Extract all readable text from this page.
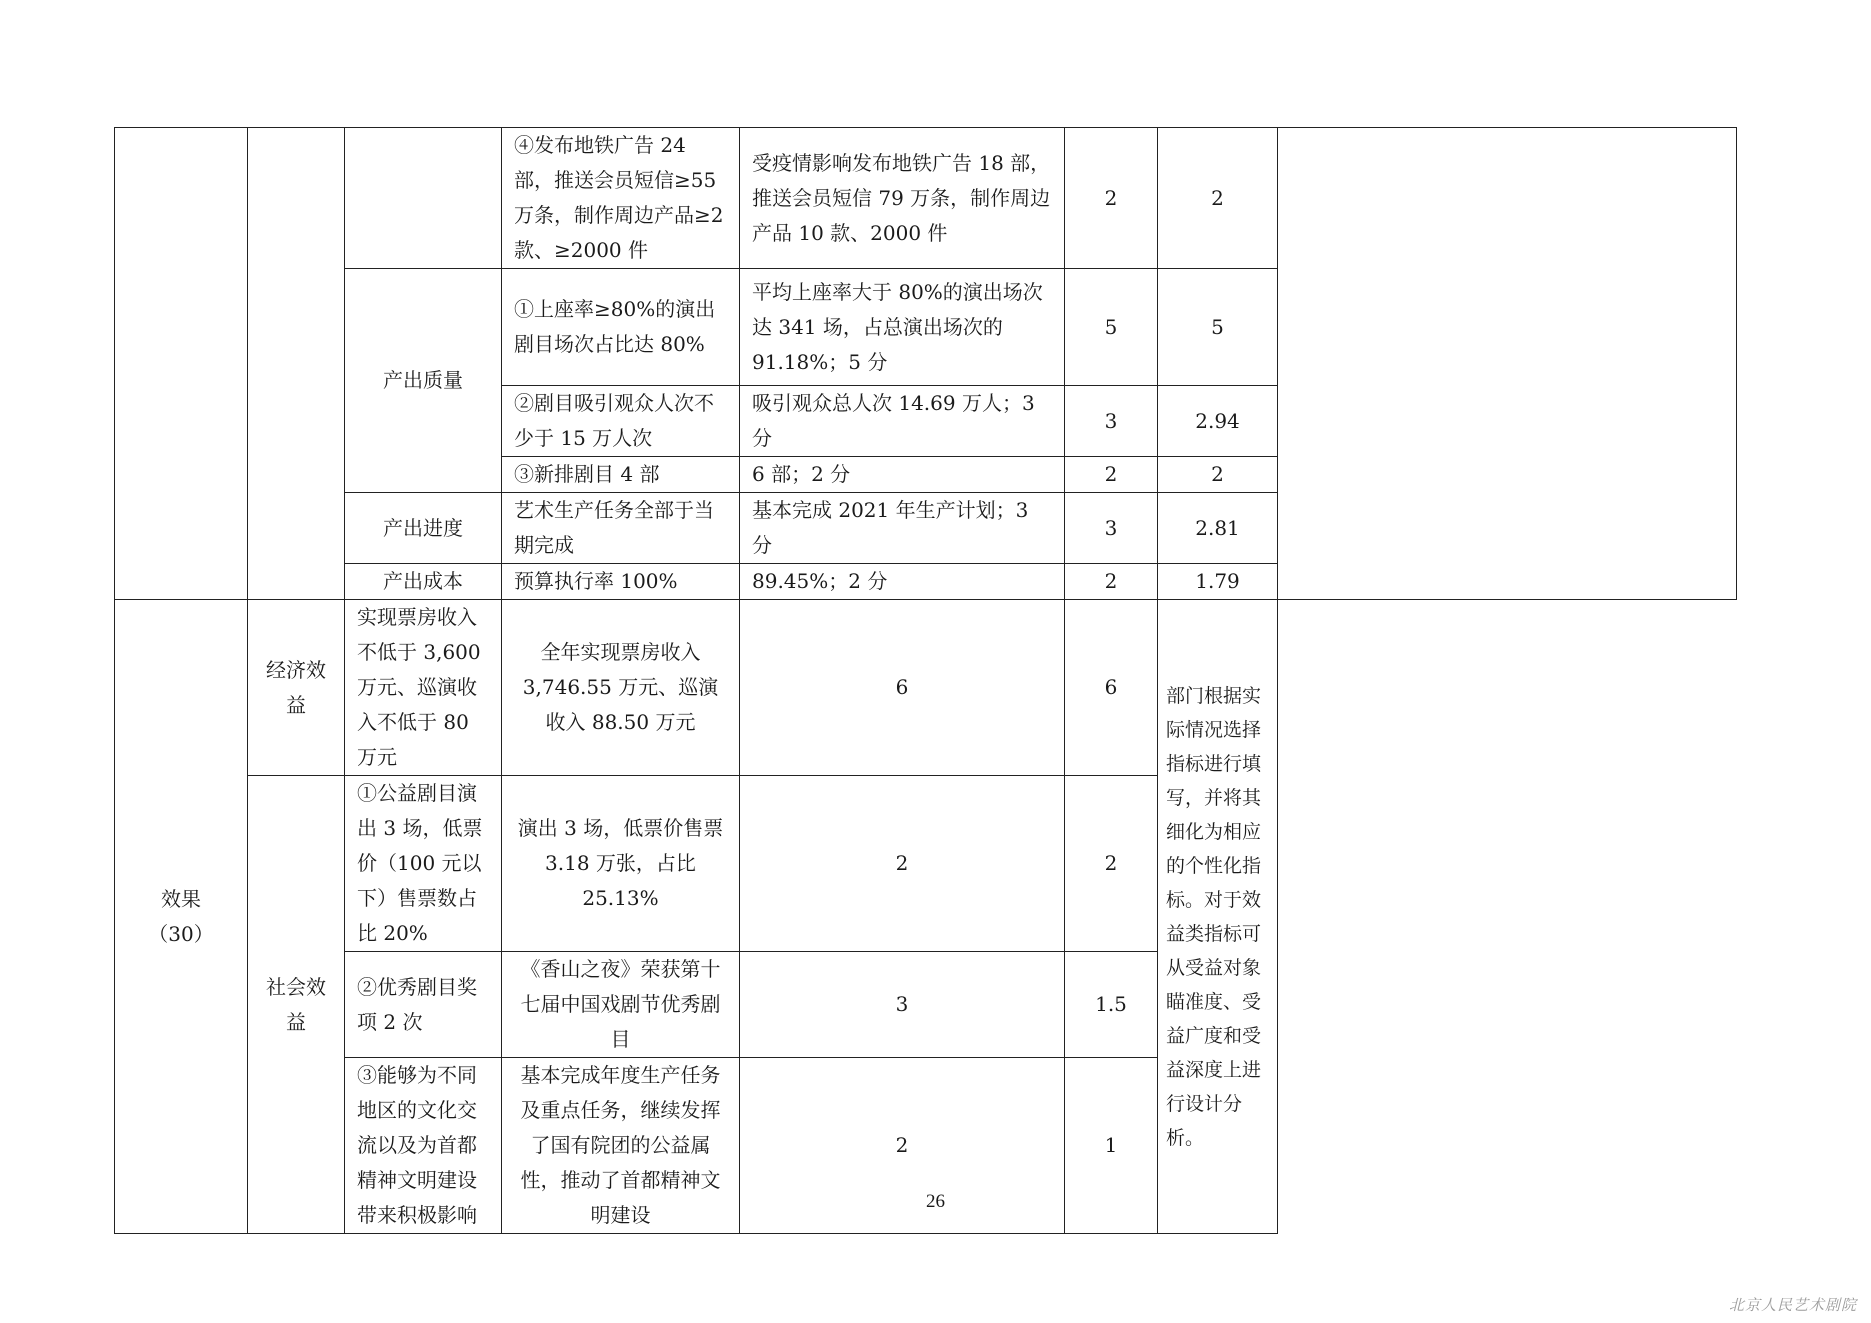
			④发布地铁广告 24 部，推送会员短信≥55 万条，制作周边产品≥2 款、≥2000 件	受疫情影响发布地铁广告 18 部，推送会员短信 79 万条，制作周边产品 10 款、2000 件	2	2	
		产出质量	①上座率≥80%的演出剧目场次占比达 80%	平均上座率大于 80%的演出场次达 341 场，占总演出场次的 91.18%；5 分	5	5	
			②剧目吸引观众人次不少于 15 万人次	吸引观众总人次 14.69 万人；3 分	3	2.94	
			③新排剧目 4 部	6 部；2 分	2	2	
		产出进度	艺术生产任务全部于当期完成	基本完成 2021 年生产计划；3 分	3	2.81	
		产出成本	预算执行率 100%	89.45%；2 分	2	1.79	

效果
（30）	经济效益	实现票房收入不低于 3,600 万元、巡演收入不低于 80 万元	全年实现票房收入 3,746.55 万元、巡演收入 88.50 万元	6	6	部门根据实际情况选择指标进行填写，并将其细化为相应的个性化指标。对于效益类指标可从受益对象瞄准度、受益广度和受益深度上进行设计分析。	
	社会效益	①公益剧目演出 3 场，低票价（100 元以下）售票数占比 20%	演出 3 场，低票价售票 3.18 万张，占比 25.13%	2	2		
		②优秀剧目奖项 2 次	《香山之夜》荣获第十七届中国戏剧节优秀剧目	3	1.5		
		③能够为不同地区的文化交流以及为首都精神文明建设带来积极影响	基本完成年度生产任务及重点任务，继续发挥了国有院团的公益属性，推动了首都精神文明建设	2	1		
26
北京人民艺术剧院
